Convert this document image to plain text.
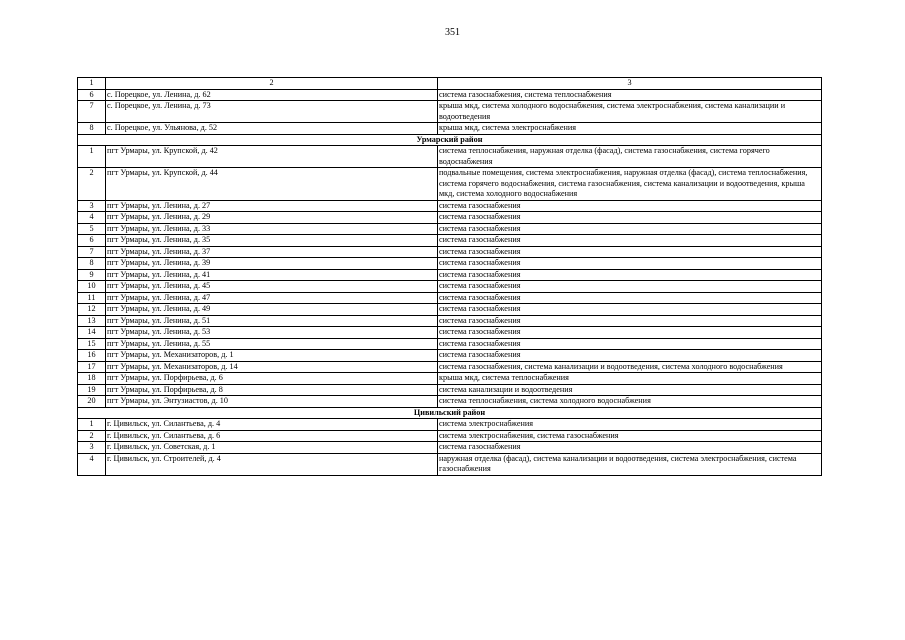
351
1	2	3
6	с. Порецкое, ул. Ленина, д. 62	система газоснабжения, система теплоснабжения
7	с. Порецкое, ул. Ленина, д. 73	крыша мкд, система холодного водоснабжения, система электроснабжения, система канализации и водоотведения
8	с. Порецкое, ул. Ульянова, д. 52	крыша мкд, система электроснабжения
Урмарский район		
1	пгт Урмары, ул. Крупской, д. 42	система теплоснабжения, наружная отделка (фасад), система газоснабжения, система горячего водоснабжения
2	пгт Урмары, ул. Крупской, д. 44	подвальные помещения, система электроснабжения, наружная отделка (фасад), система теплоснабжения, система горячего водоснабжения, система газоснабжения, система канализации и водоотведения, крыша мкд, система холодного водоснабжения
3	пгт Урмары, ул. Ленина, д. 27	система газоснабжения
4	пгт Урмары, ул. Ленина, д. 29	система газоснабжения
5	пгт Урмары, ул. Ленина, д. 33	система газоснабжения
6	пгт Урмары, ул. Ленина, д. 35	система газоснабжения
7	пгт Урмары, ул. Ленина, д. 37	система газоснабжения
8	пгт Урмары, ул. Ленина, д. 39	система газоснабжения
9	пгт Урмары, ул. Ленина, д. 41	система газоснабжения
10	пгт Урмары, ул. Ленина, д. 45	система газоснабжения
11	пгт Урмары, ул. Ленина, д. 47	система газоснабжения
12	пгт Урмары, ул. Ленина, д. 49	система газоснабжения
13	пгт Урмары, ул. Ленина, д. 51	система газоснабжения
14	пгт Урмары, ул. Ленина, д. 53	система газоснабжения
15	пгт Урмары, ул. Ленина, д. 55	система газоснабжения
16	пгт Урмары, ул. Механизаторов, д. 1	система газоснабжения
17	пгт Урмары, ул. Механизаторов, д. 14	система газоснабжения, система канализации и водоотведения, система холодного водоснабжения
18	пгт Урмары, ул. Порфирьева, д. 6	крыша мкд, система теплоснабжения
19	пгт Урмары, ул. Порфирьева, д. 8	система канализации и водоотведения
20	пгт Урмары, ул. Энтузиастов, д. 10	система теплоснабжения, система холодного водоснабжения
Цивильский район		
1	г. Цивильск, ул. Силантьева, д. 4	система электроснабжения
2	г. Цивильск, ул. Силантьева, д. 6	система электроснабжения, система газоснабжения
3	г. Цивильск, ул. Советская, д. 1	система газоснабжения
4	г. Цивильск, ул. Строителей, д. 4	наружная отделка (фасад), система канализации и водоотведения, система электроснабжения, система газоснабжения
